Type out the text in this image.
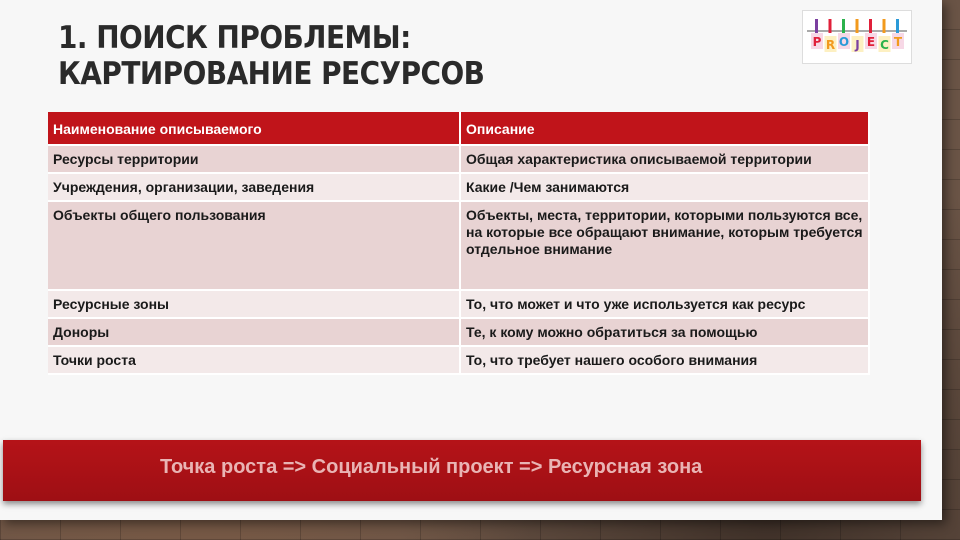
1. ПОИСК ПРОБЛЕМЫ:
КАРТИРОВАНИЕ РЕСУРСОВ
P R O J E C T
Наименование описываемого	Описание
Ресурсы территории	Общая характеристика описываемой территории
Учреждения, организации, заведения	Какие /Чем занимаются
Объекты общего пользования	Объекты, места, территории, которыми пользуются все, на которые все обращают внимание, которым требуется отдельное внимание
Ресурсные зоны	То, что может и что уже используется как ресурс
Доноры	Те, к кому можно обратиться за помощью
Точки роста	То, что требует нашего особого внимания
Точка роста => Социальный проект => Ресурсная зона
